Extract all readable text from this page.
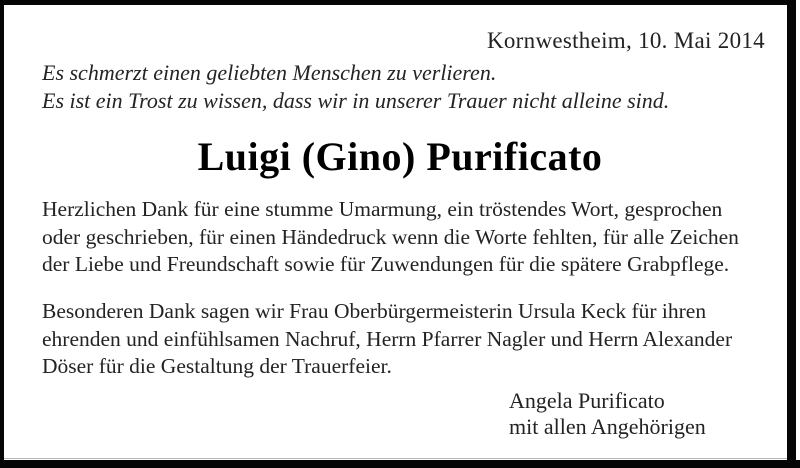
Kornwestheim, 10. Mai 2014
Es schmerzt einen geliebten Menschen zu verlieren.
Es ist ein Trost zu wissen, dass wir in unserer Trauer nicht alleine sind.
Luigi (Gino) Purificato
Herzlichen Dank für eine stumme Umarmung, ein tröstendes Wort, gesprochen
oder geschrieben, für einen Händedruck wenn die Worte fehlten, für alle Zeichen
der Liebe und Freundschaft sowie für Zuwendungen für die spätere Grabpflege.
Besonderen Dank sagen wir Frau Oberbürgermeisterin Ursula Keck für ihren
ehrenden und einfühlsamen Nachruf, Herrn Pfarrer Nagler und Herrn Alexander
Döser für die Gestaltung der Trauerfeier.
Angela Purificato
mit allen Angehörigen
